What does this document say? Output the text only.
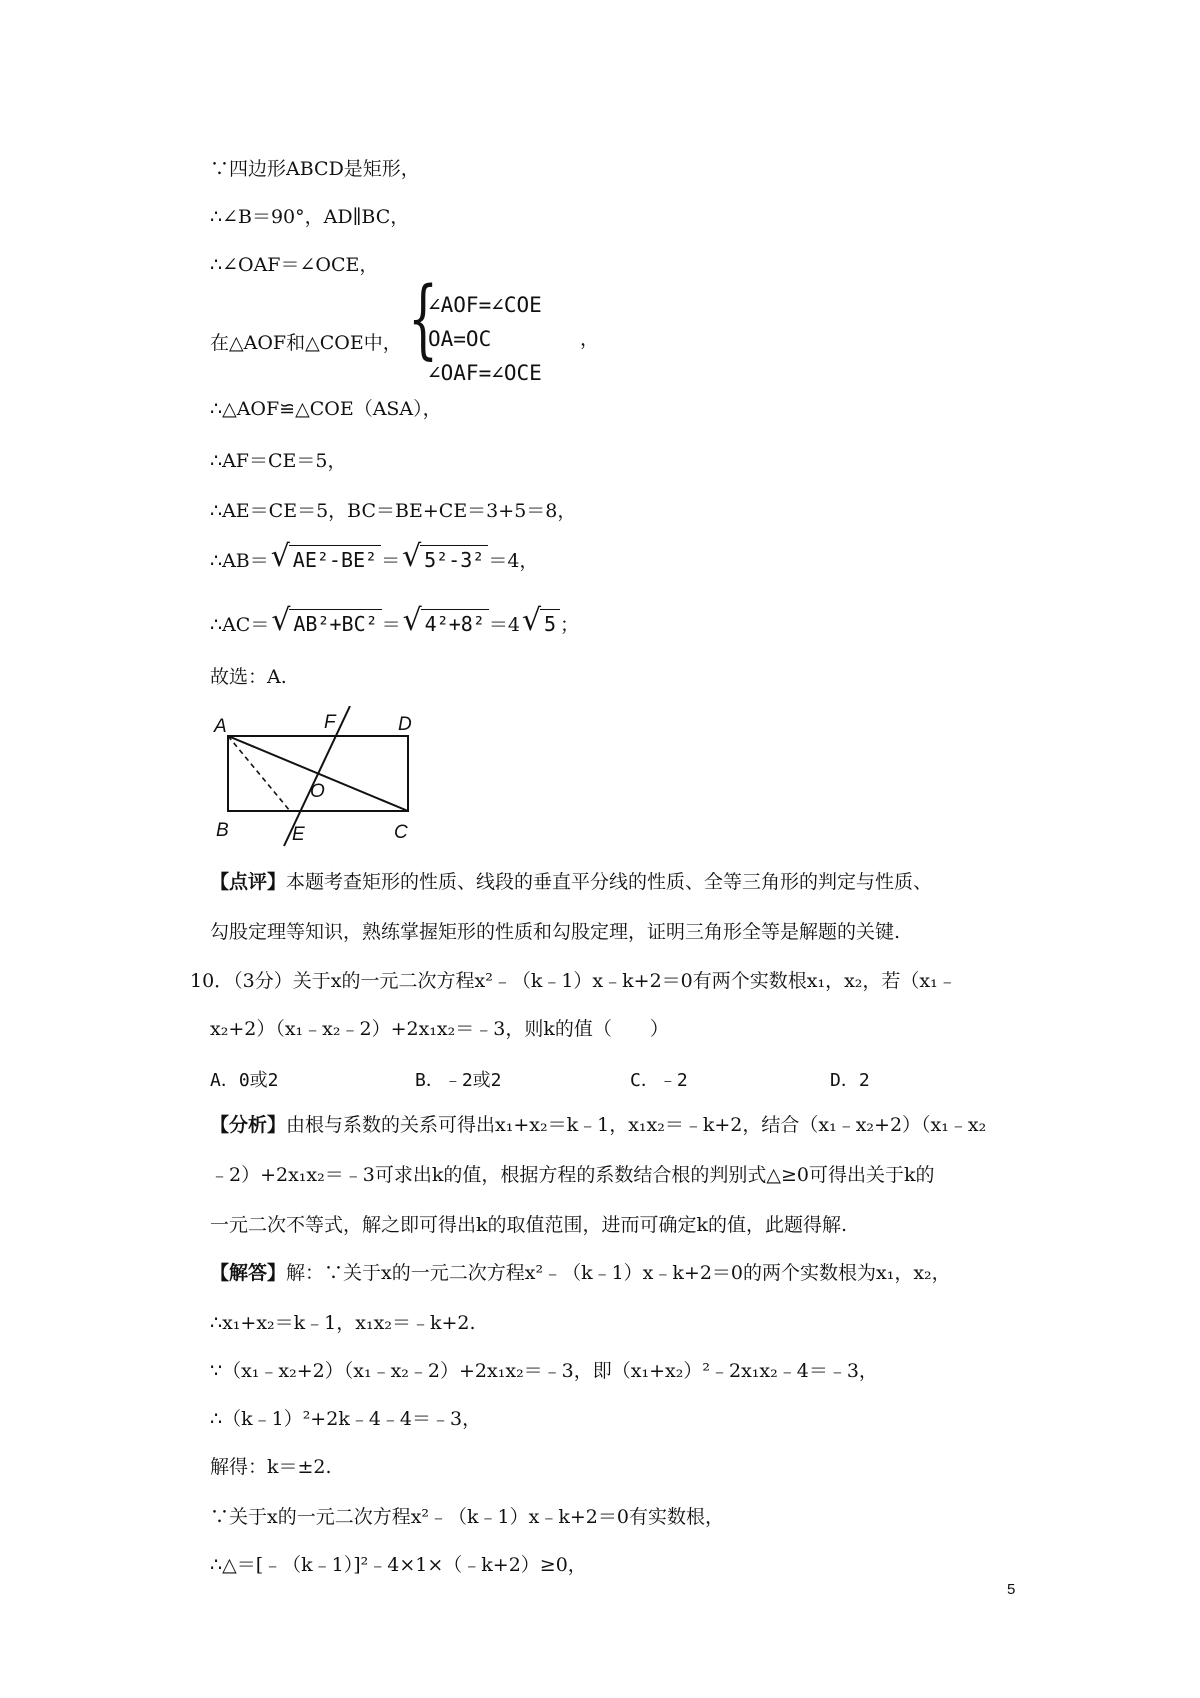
∵四边形ABCD是矩形，
∴∠B＝90°，AD∥BC，
∴∠OAF＝∠OCE，
在△AOF和△COE中， {
∠AOF=∠COE
OA=OC
∠OAF=∠OCE
，
∴△AOF≌△COE（ASA），
∴AF＝CE＝5，
∴AE＝CE＝5，BC＝BE+CE＝3+5＝8，
∴AB＝ √ AE²-BE² ＝ √ 5²-3² ＝4，
∴AC＝ √ AB²+BC² ＝ √ 4²+8² ＝4 √ 5 ；
故选：A.
A	F	D
O
B	E	C
【点评】本题考查矩形的性质、线段的垂直平分线的性质、全等三角形的判定与性质、
勾股定理等知识，熟练掌握矩形的性质和勾股定理，证明三角形全等是解题的关键.
10．（3分）关于x的一元二次方程x²﹣（k﹣1）x﹣k+2＝0有两个实数根x₁，x₂，若（x₁﹣
x₂+2）（x₁﹣x₂﹣2）+2x₁x₂＝﹣3，则k的值（　　）
A．0或2	B．﹣2或2	C．﹣2	D．2
【分析】由根与系数的关系可得出x₁+x₂＝k﹣1，x₁x₂＝﹣k+2，结合（x₁﹣x₂+2）（x₁﹣x₂
﹣2）+2x₁x₂＝﹣3可求出k的值，根据方程的系数结合根的判别式△≥0可得出关于k的
一元二次不等式，解之即可得出k的取值范围，进而可确定k的值，此题得解.
【解答】解：∵关于x的一元二次方程x²﹣（k﹣1）x﹣k+2＝0的两个实数根为x₁，x₂，
∴x₁+x₂＝k﹣1，x₁x₂＝﹣k+2.
∵（x₁﹣x₂+2）（x₁﹣x₂﹣2）+2x₁x₂＝﹣3，即（x₁+x₂）²﹣2x₁x₂﹣4＝﹣3，
∴（k﹣1）²+2k﹣4﹣4＝﹣3，
解得：k＝±2.
∵关于x的一元二次方程x²﹣（k﹣1）x﹣k+2＝0有实数根，
∴△＝[﹣（k﹣1）]²﹣4×1×（﹣k+2）≥0，
5
